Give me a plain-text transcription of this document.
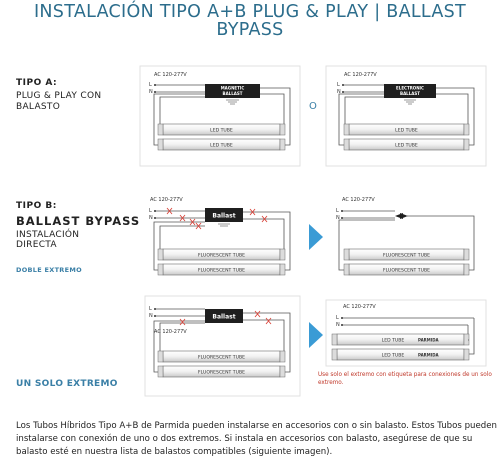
INSTALACIÓN TIPO A+B PLUG & PLAY | BALLAST BYPASS
TIPO A:
PLUG & PLAY CON BALASTO	O
TIPO B:
BALLAST BYPASS
INSTALACIÓN DIRECTA
DOBLE EXTREMO
UN SOLO EXTREMO
Use solo el extremo con etiqueta para conexiones de un solo extremo.
Los Tubos Híbridos Tipo A+B de Parmida pueden instalarse en accesorios con o sin balasto. Estos Tubos pueden instalarse con conexión de uno o dos extremos. Si instala en accesorios con balasto, asegúrese de que su balasto esté en nuestra lista de balastos compatibles (siguiente imagen).
AC 120-277V
L
N
MAGNETIC
BALLAST
LED TUBE
LED TUBE
AC 120-277V
L
N
ELECTRONIC
BALLAST
LED TUBE
LED TUBE
AC 120-277V
L
N	Ballast
FLUORESCENT TUBE
FLUORESCENT TUBE
AC 120-277V
L
N
FLUORESCENT TUBE
FLUORESCENT TUBE
L
N	Ballast
AC 120-277V
FLUORESCENT TUBE
FLUORESCENT TUBE
AC 120-277V
L
N
LED TUBE	PARMIDA
LED TUBE	PARMIDA
